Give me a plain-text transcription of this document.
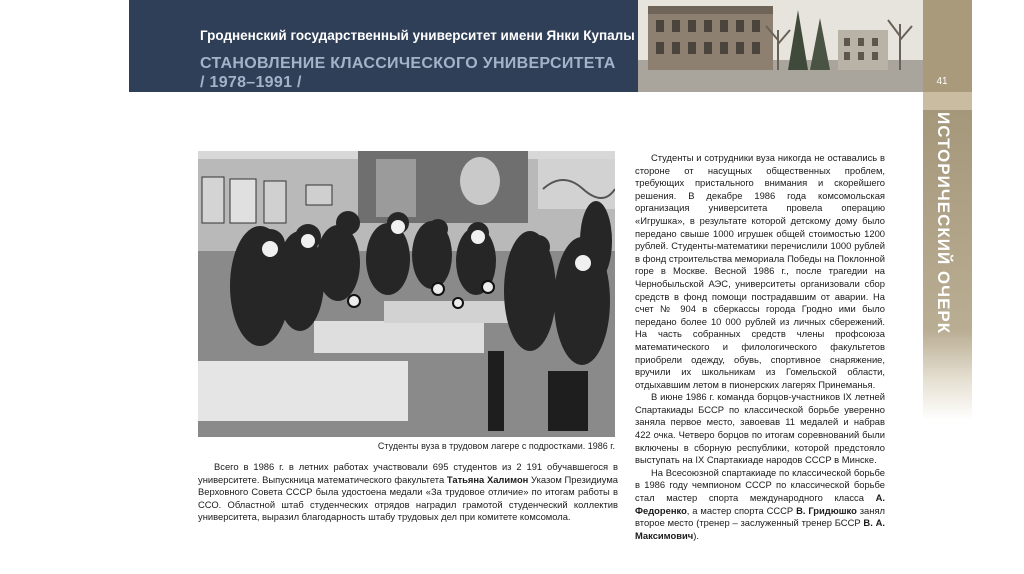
Гродненский государственный университет имени Янки Купалы
СТАНОВЛЕНИЕ КЛАССИЧЕСКОГО УНИВЕРСИТЕТА
/ 1978–1991 /	41
ИСТОРИЧЕСКИЙ ОЧЕРК
Студенты вуза в трудовом лагере с подростками. 1986 г.

Всего в 1986 г. в летних работах участвовали 695 студентов из 2 191 обучавшегося в университете. Выпускница математического факультета Татьяна Халимон Указом Президиума Верховного Совета СССР была удостоена медали «За трудовое отличие» по итогам работы в ССО. Областной штаб студенческих отрядов наградил грамотой студенческий коллектив университета, выразил благодарность штабу трудовых дел при комитете комсомола.

Студенты и сотрудники вуза никогда не оставались в стороне от насущных общественных проблем, требующих пристального внимания и скорейшего решения. В декабре 1986 года комсомольская организация университета провела операцию «Игрушка», в результате которой детскому дому было передано свыше 1000 игрушек общей стоимостью 1200 рублей. Студенты-математики перечислили 1000 рублей в фонд строительства мемориала Победы на Поклонной горе в Москве. Весной 1986 г., после трагедии на Чернобыльской АЭС, университеты организовали сбор средств в фонд помощи пострадавшим от аварии. На счет № 904 в сберкассы города Гродно ими было передано более 10 000 рублей из личных сбережений. На часть собранных средств члены профсоюза математического и филологического факультетов приобрели одежду, обувь, спортивное снаряжение, вручили их школьникам из Гомельской области, отдыхавшим летом в пионерских лагерях Принеманья.

В июне 1986 г. команда борцов-участников IX летней Спартакиады БССР по классической борьбе уверенно заняла первое место, завоевав 11 медалей и набрав 422 очка. Четверо борцов по итогам соревнований были включены в сборную республики, которой предстояло выступать на IX Спартакиаде народов СССР в Минске.

На Всесоюзной спартакиаде по классической борьбе в 1986 году чемпионом СССР по классической борьбе стал мастер спорта международного класса А. Федоренко, а мастер спорта СССР В. Гридюшко занял второе место (тренер – заслуженный тренер БССР В. А. Максимович).
